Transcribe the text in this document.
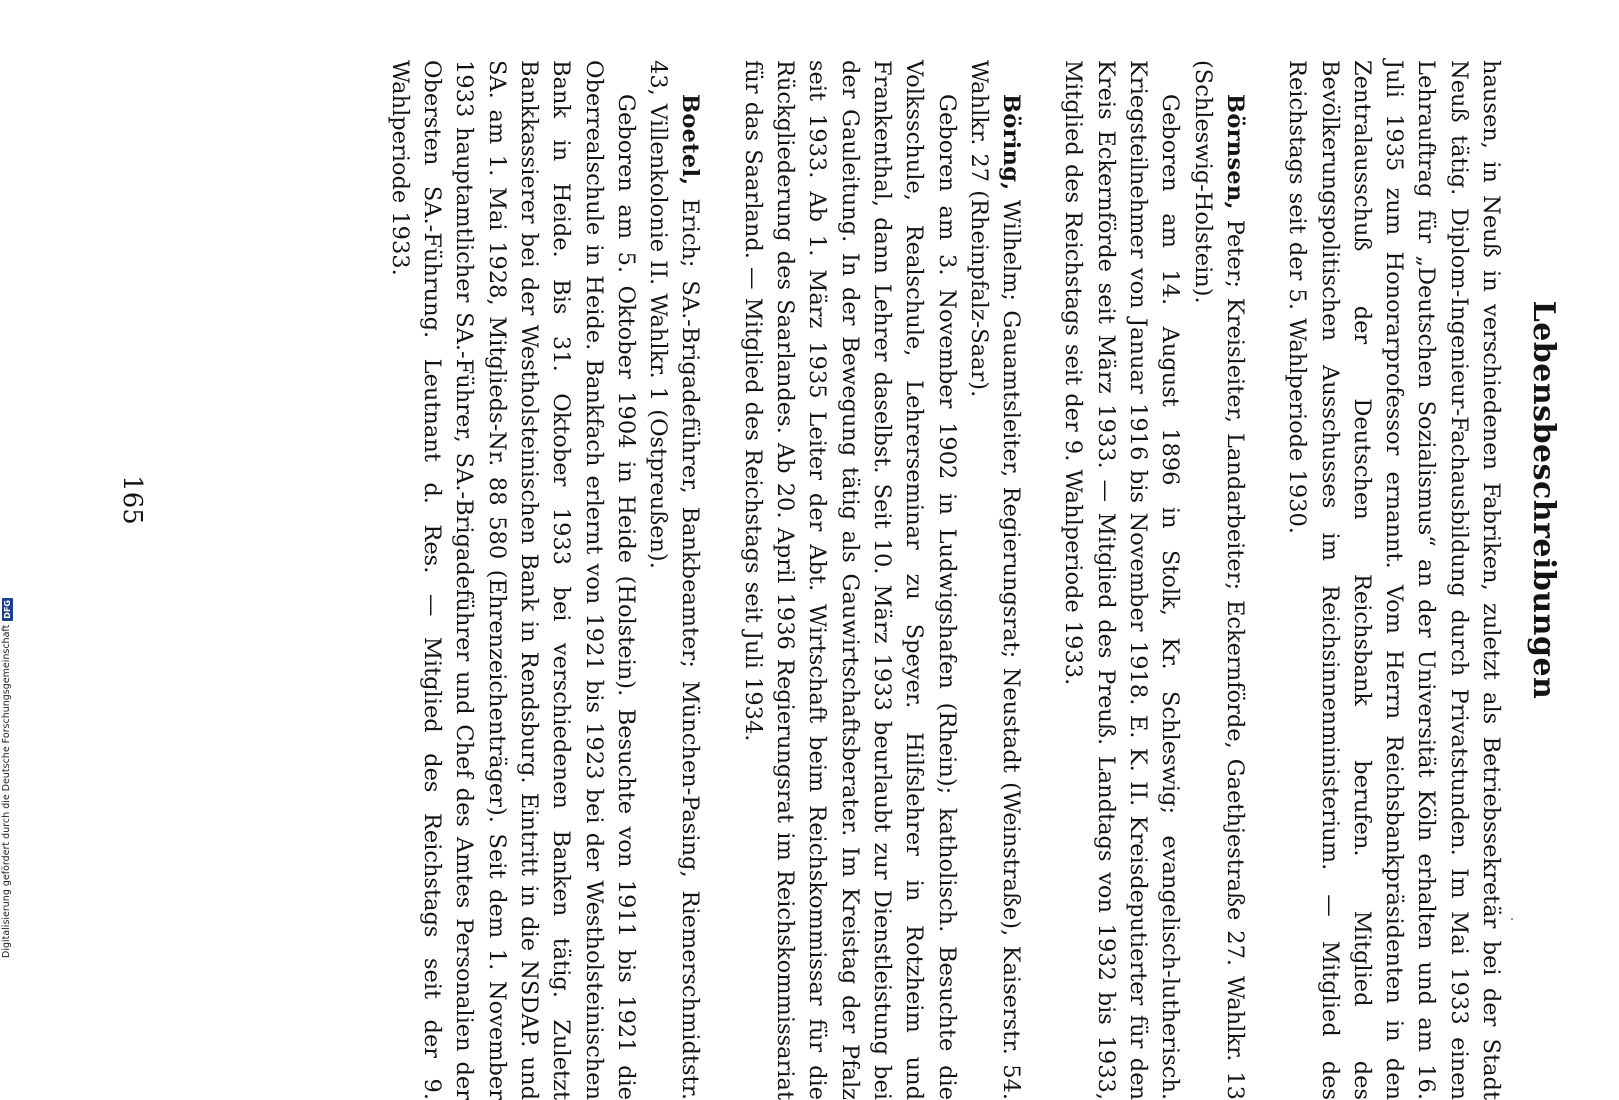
Lebensbeschreibungen

hausen, in Neuß in verschiedenen Fabriken, zuletzt als Betriebssekretär bei der Stadt Neuß tätig. Diplom-Ingenieur-Fachausbildung durch Privatstunden. Im Mai 1933 einen Lehrauftrag für „Deutschen Sozialismus“ an der Universität Köln erhalten und am 16. Juli 1935 zum Honorarprofessor ernannt. Vom Herrn Reichsbankpräsidenten in den Zentralausschuß der Deutschen Reichsbank berufen. Mitglied des Bevölkerungspolitischen Ausschusses im Reichsinnenministerium. — Mitglied des Reichstags seit der 5. Wahlperiode 1930.

Börnsen, Peter; Kreisleiter, Landarbeiter; Eckernförde, Gaethjestraße 27. Wahlkr. 13 (Schleswig-Holstein).

Geboren am 14. August 1896 in Stolk, Kr. Schleswig; evangelisch-lutherisch. Kriegsteilnehmer von Januar 1916 bis November 1918. E. K. II. Kreisdeputierter für den Kreis Eckernförde seit März 1933. — Mitglied des Preuß. Landtags von 1932 bis 1933, Mitglied des Reichstags seit der 9. Wahlperiode 1933.

Böring, Wilhelm; Gauamtsleiter, Regierungsrat; Neustadt (Weinstraße), Kaiserstr. 54. Wahlkr. 27 (Rheinpfalz-Saar).

Geboren am 3. November 1902 in Ludwigshafen (Rhein); katholisch. Besuchte die Volksschule, Realschule, Lehrerseminar zu Speyer. Hilfslehrer in Rotzheim und Frankenthal, dann Lehrer daselbst. Seit 10. März 1933 beurlaubt zur Dienstleistung bei der Gauleitung. In der Bewegung tätig als Gauwirtschaftsberater. Im Kreistag der Pfalz seit 1933. Ab 1. März 1935 Leiter der Abt. Wirtschaft beim Reichskommissar für die Rückgliederung des Saarlandes. Ab 20. April 1936 Regierungsrat im Reichskommissariat für das Saarland. — Mitglied des Reichstags seit Juli 1934.

Boetel, Erich; SA.-Brigadeführer, Bankbeamter; München-Pasing, Riemerschmidtstr. 43, Villenkolonie II. Wahlkr. 1 (Ostpreußen).

Geboren am 5. Oktober 1904 in Heide (Holstein). Besuchte von 1911 bis 1921 die Oberrealschule in Heide. Bankfach erlernt von 1921 bis 1923 bei der Westholsteinischen Bank in Heide. Bis 31. Oktober 1933 bei verschiedenen Banken tätig. Zuletzt Bankkassierer bei der Westholsteinischen Bank in Rendsburg. Eintritt in die NSDAP. und SA. am 1. Mai 1928, Mitglieds-Nr. 88 580 (Ehrenzeichenträger). Seit dem 1. November 1933 hauptamtlicher SA.-Führer, SA.-Brigadeführer und Chef des Amtes Personalien der Obersten SA.-Führung. Leutnant d. Res. — Mitglied des Reichstags seit der 9. Wahlperiode 1933.

165
Digitalisierung gefördert durch die Deutsche Forschungsgemeinschaft
DFG
